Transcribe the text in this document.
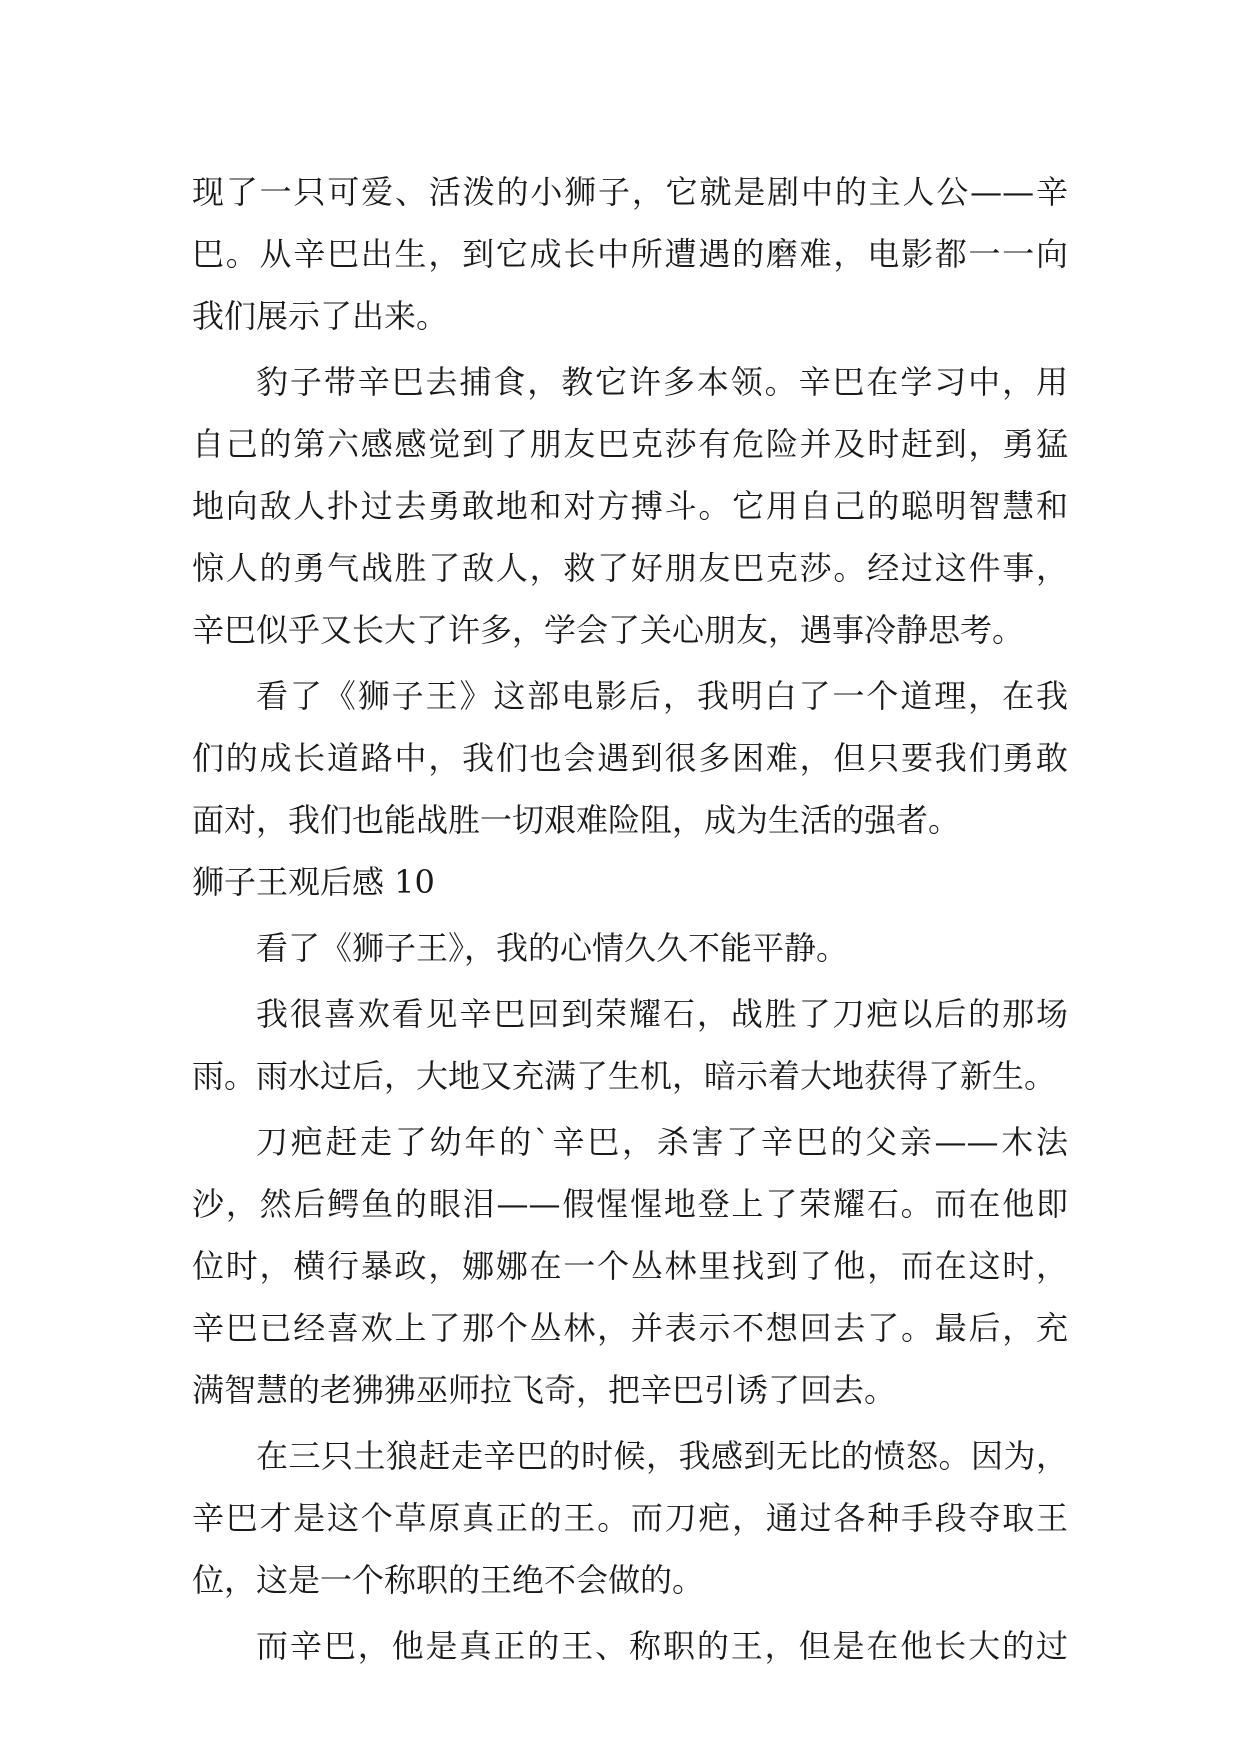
现了一只可爱、活泼的小狮子，它就是剧中的主人公——辛
巴。从辛巴出生，到它成长中所遭遇的磨难，电影都一一向
我们展示了出来。
豹子带辛巴去捕食，教它许多本领。辛巴在学习中，用
自己的第六感感觉到了朋友巴克莎有危险并及时赶到，勇猛
地向敌人扑过去勇敢地和对方搏斗。它用自己的聪明智慧和
惊人的勇气战胜了敌人，救了好朋友巴克莎。经过这件事，
辛巴似乎又长大了许多，学会了关心朋友，遇事冷静思考。
看了《狮子王》这部电影后，我明白了一个道理，在我
们的成长道路中，我们也会遇到很多困难，但只要我们勇敢
面对，我们也能战胜一切艰难险阻，成为生活的强者。
狮子王观后感 10
看了《狮子王》，我的心情久久不能平静。
我很喜欢看见辛巴回到荣耀石，战胜了刀疤以后的那场
雨。雨水过后，大地又充满了生机，暗示着大地获得了新生。
刀疤赶走了幼年的`辛巴，杀害了辛巴的父亲——木法
沙，然后鳄鱼的眼泪——假惺惺地登上了荣耀石。而在他即
位时，横行暴政，娜娜在一个丛林里找到了他，而在这时，
辛巴已经喜欢上了那个丛林，并表示不想回去了。最后，充
满智慧的老狒狒巫师拉飞奇，把辛巴引诱了回去。
在三只土狼赶走辛巴的时候，我感到无比的愤怒。因为，
辛巴才是这个草原真正的王。而刀疤，通过各种手段夺取王
位，这是一个称职的王绝不会做的。
而辛巴，他是真正的王、称职的王，但是在他长大的过
